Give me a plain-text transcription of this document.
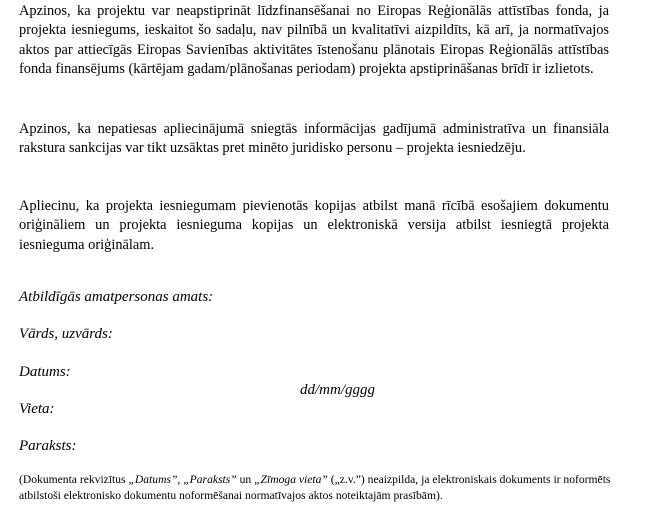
Apzinos, ka projektu var neapstiprināt līdzfinansēšanai no Eiropas Reģionālās attīstības fonda, ja projekta iesniegums, ieskaitot šo sadaļu, nav pilnībā un kvalitatīvi aizpildīts, kā arī, ja normatīvajos aktos par attiecīgās Eiropas Savienības aktivitātes īstenošanu plānotais Eiropas Reģionālās attīstības fonda finansējums (kārtējam gadam/plānošanas periodam) projekta apstiprināšanas brīdī ir izlietots.

Apzinos, ka nepatiesas apliecinājumā sniegtās informācijas gadījumā administratīva un finansiāla rakstura sankcijas var tikt uzsāktas pret minēto juridisko personu – projekta iesniedzēju.

Apliecinu, ka projekta iesniegumam pievienotās kopijas atbilst manā rīcībā esošajiem dokumentu oriģināliem un projekta iesnieguma kopijas un elektroniskā versija atbilst iesniegtā projekta iesnieguma oriģinālam.

Atbildīgās amatpersonas amats:

Vārds, uzvārds:

Datums:

dd/mm/gggg

Vieta:

Paraksts:

(Dokumenta rekvizītus „Datums”, „Paraksts” un „Zīmoga vieta” („z.v.”) neaizpilda, ja elektroniskais dokuments ir noformēts atbilstoši elektronisko dokumentu noformēšanai normatīvajos aktos noteiktajām prasībām).
